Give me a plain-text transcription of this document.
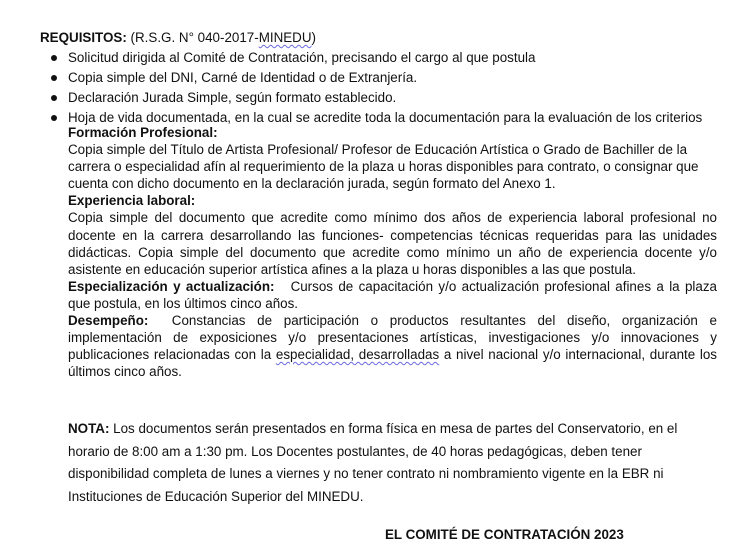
REQUISITOS: (R.S.G. N° 040-2017-MINEDU)
Solicitud dirigida al Comité de Contratación, precisando el cargo al que postula
Copia simple del DNI, Carné de Identidad o de Extranjería.
Declaración Jurada Simple, según formato establecido.
Hoja de vida documentada, en la cual se acredite toda la documentación para la evaluación de los criterios

Formación Profesional:
Copia simple del Título de Artista Profesional/ Profesor de Educación Artística o Grado de Bachiller de la carrera o especialidad afín al requerimiento de la plaza u horas disponibles para contrato, o consignar que cuenta con dicho documento en la declaración jurada, según formato del Anexo 1.

Experiencia laboral:
Copia simple del documento que acredite como mínimo dos años de experiencia laboral profesional no docente en la carrera desarrollando las funciones- competencias técnicas requeridas para las unidades didácticas. Copia simple del documento que acredite como mínimo un año de experiencia docente y/o asistente en educación superior artística afines a la plaza u horas disponibles a las que postula.

Especialización y actualización: Cursos de capacitación y/o actualización profesional afines a la plaza que postula, en los últimos cinco años.

Desempeño: Constancias de participación o productos resultantes del diseño, organización e implementación de exposiciones y/o presentaciones artísticas, investigaciones y/o innovaciones y publicaciones relacionadas con la especialidad, desarrolladas a nivel nacional y/o internacional, durante los últimos cinco años.

NOTA: Los documentos serán presentados en forma física en mesa de partes del Conservatorio, en el horario de 8:00 am a 1:30 pm. Los Docentes postulantes, de 40 horas pedagógicas, deben tener disponibilidad completa de lunes a viernes y no tener contrato ni nombramiento vigente en la EBR ni Instituciones de Educación Superior del MINEDU.

EL COMITÉ DE CONTRATACIÓN 2023
